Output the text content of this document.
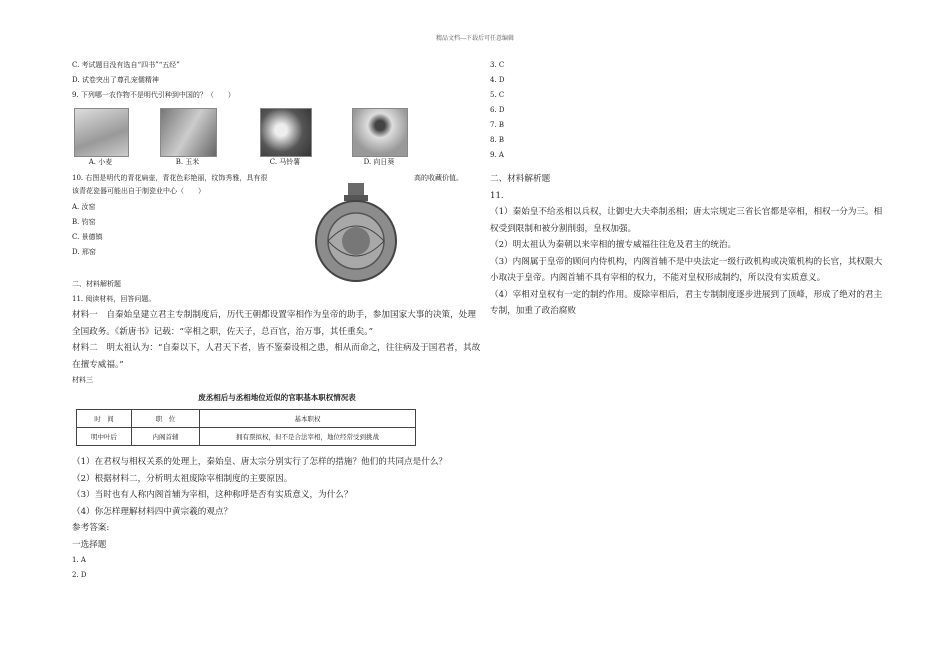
精品文档---下载后可任意编辑
C. 考试题目没有选自“四书”“五经”
D. 试卷突出了尊孔宠儒精神
9. 下列哪一农作物不是明代引种到中国的？（　　）
A. 小麦	B. 玉米	C. 马铃薯	D. 向日葵
10. 右图是明代的青花扁壶，青花色彩艳丽，纹饰秀雅，具有很	高的收藏价值。
该青花瓷器可能出自于制瓷业中心（　　）
A. 汝窑
B. 钧窑
C. 景德镇
D. 邢窑
二、材料解析题
11. 阅读材料，回答问题。
材料一　自秦始皇建立君主专制制度后，历代王朝都设置宰相作为皇帝的助手，参加国家大事的决策，处理全国政务。《新唐书》记载：“宰相之职，佐天子，总百官，治万事，其任重矣。”
材料二　明太祖认为：“自秦以下，人君天下者，皆不鉴秦设相之患，相从而命之，往往病及于国君者，其故在擅专威福。”
材料三
废丞相后与丞相地位近似的官职基本职权情况表
时　间	职　位	基本职权
明中叶后	内阁首辅	拥有票拟权，但不是合法宰相，地位经常受到挑战
（1）在君权与相权关系的处理上，秦始皇、唐太宗分别实行了怎样的措施？他们的共同点是什么？
（2）根据材料二，分析明太祖废除宰相制度的主要原因。
（3）当时也有人称内阁首辅为宰相，这种称呼是否有实质意义，为什么？
（4）你怎样理解材料四中黄宗羲的观点？
参考答案:
一选择题
1. A
2. D
3. C
4. D
5. C
6. D
7. B
8. B
9. A
二、材料解析题
11.
（1）秦始皇不给丞相以兵权，让御史大夫牵制丞相；唐太宗规定三省长官都是宰相，相权一分为三。相权受到限制和被分割削弱，皇权加强。
（2）明太祖认为秦朝以来宰相的擅专威福往往危及君主的统治。
（3）内阁属于皇帝的顾问内侍机构，内阁首辅不是中央法定一级行政机构或决策机构的长官，其权限大小取决于皇帝。内阁首辅不具有宰相的权力，不能对皇权形成制约，所以没有实质意义。
（4）宰相对皇权有一定的制约作用。废除宰相后，君主专制制度逐步进展到了顶峰，形成了绝对的君主专制，加重了政治腐败
